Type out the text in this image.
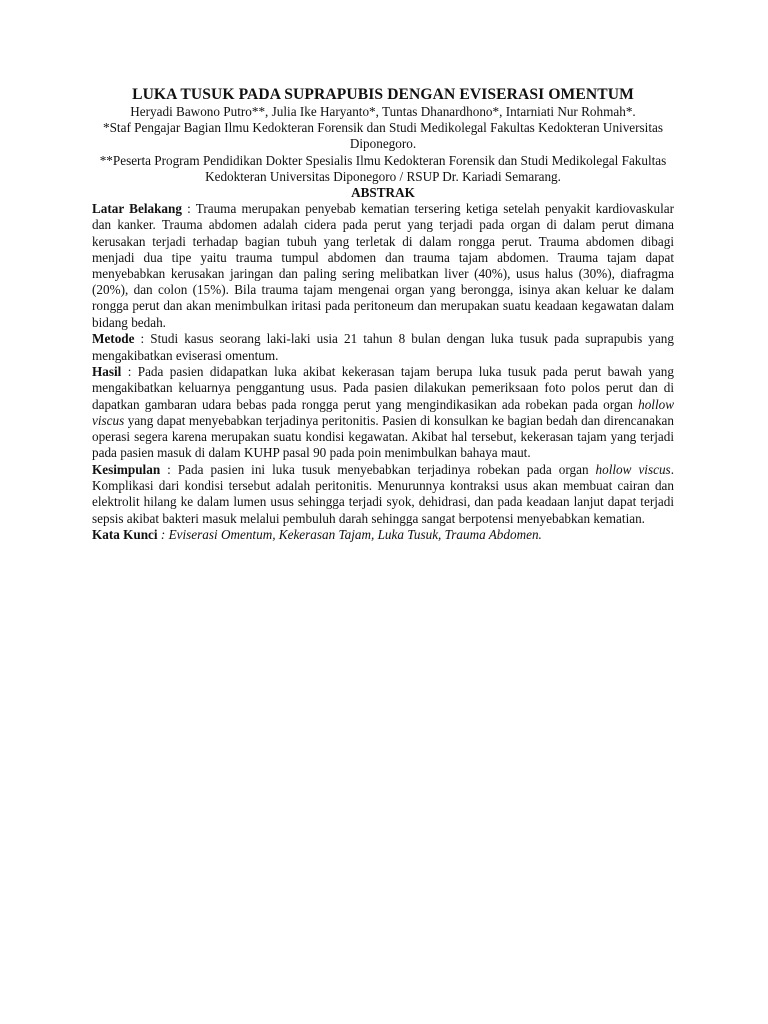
LUKA TUSUK PADA SUPRAPUBIS DENGAN EVISERASI OMENTUM

Heryadi Bawono Putro**, Julia Ike Haryanto*, Tuntas Dhanardhono*, Intarniati Nur Rohmah*.

*Staf Pengajar Bagian Ilmu Kedokteran Forensik dan Studi Medikolegal Fakultas Kedokteran Universitas Diponegoro.

**Peserta Program Pendidikan Dokter Spesialis Ilmu Kedokteran Forensik dan Studi Medikolegal Fakultas Kedokteran Universitas Diponegoro / RSUP Dr. Kariadi Semarang.

ABSTRAK

Latar Belakang : Trauma merupakan penyebab kematian tersering ketiga setelah penyakit kardiovaskular dan kanker. Trauma abdomen adalah cidera pada perut yang terjadi pada organ di dalam perut dimana kerusakan terjadi terhadap bagian tubuh yang terletak di dalam rongga perut. Trauma abdomen dibagi menjadi dua tipe yaitu trauma tumpul abdomen dan trauma tajam abdomen. Trauma tajam dapat menyebabkan kerusakan jaringan dan paling sering melibatkan liver (40%), usus halus (30%), diafragma (20%), dan colon (15%). Bila trauma tajam mengenai organ yang berongga, isinya akan keluar ke dalam rongga perut dan akan menimbulkan iritasi pada peritoneum dan merupakan suatu keadaan kegawatan dalam bidang bedah.

Metode : Studi kasus seorang laki-laki usia 21 tahun 8 bulan dengan luka tusuk pada suprapubis yang mengakibatkan eviserasi omentum.

Hasil : Pada pasien didapatkan luka akibat kekerasan tajam berupa luka tusuk pada perut bawah yang mengakibatkan keluarnya penggantung usus. Pada pasien dilakukan pemeriksaan foto polos perut dan di dapatkan gambaran udara bebas pada rongga perut yang mengindikasikan ada robekan pada organ hollow viscus yang dapat menyebabkan terjadinya peritonitis. Pasien di konsulkan ke bagian bedah dan direncanakan operasi segera karena merupakan suatu kondisi kegawatan. Akibat hal tersebut, kekerasan tajam yang terjadi pada pasien masuk di dalam KUHP pasal 90 pada poin menimbulkan bahaya maut.

Kesimpulan : Pada pasien ini luka tusuk menyebabkan terjadinya robekan pada organ hollow viscus. Komplikasi dari kondisi tersebut adalah peritonitis. Menurunnya kontraksi usus akan membuat cairan dan elektrolit hilang ke dalam lumen usus sehingga terjadi syok, dehidrasi, dan pada keadaan lanjut dapat terjadi sepsis akibat bakteri masuk melalui pembuluh darah sehingga sangat berpotensi menyebabkan kematian.

Kata Kunci : Eviserasi Omentum, Kekerasan Tajam, Luka Tusuk, Trauma Abdomen.
